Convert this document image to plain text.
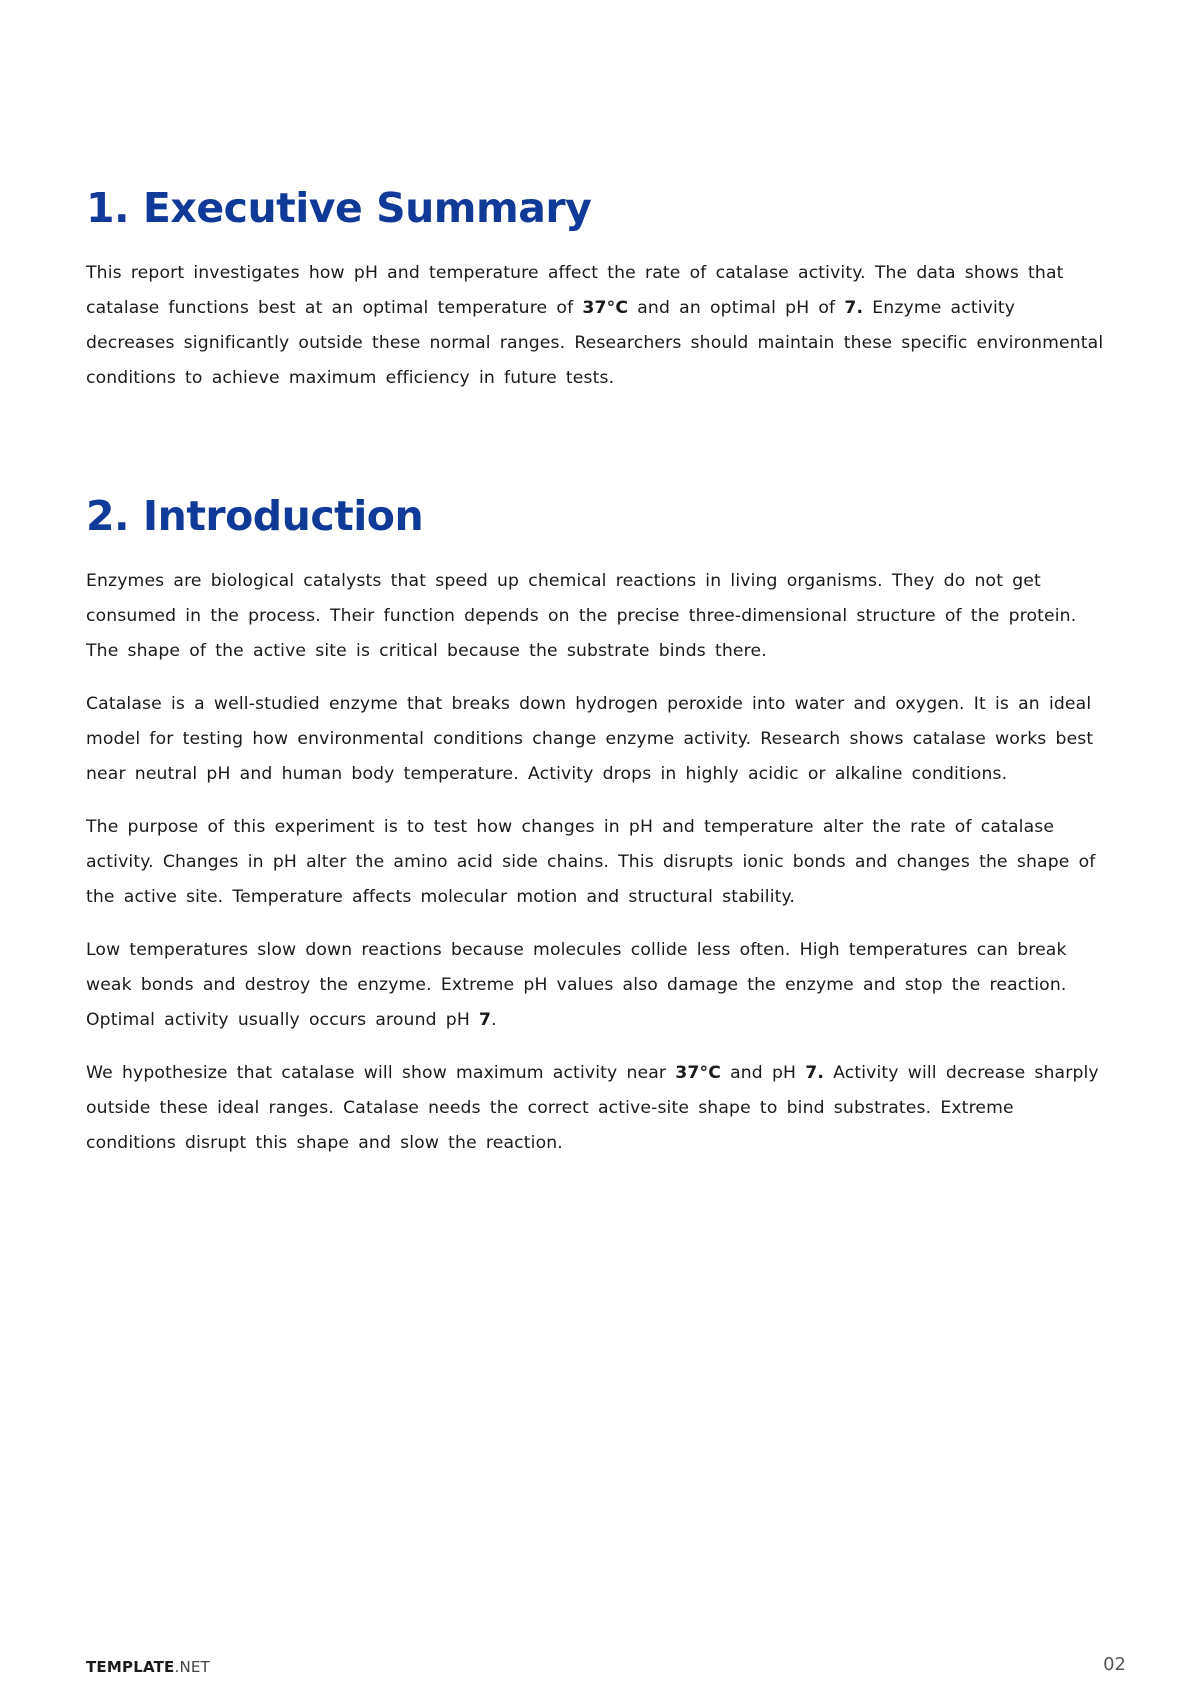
1. Executive Summary

This report investigates how pH and temperature affect the rate of catalase activity. The data shows that catalase functions best at an optimal temperature of 37°C and an optimal pH of 7. Enzyme activity decreases significantly outside these normal ranges. Researchers should maintain these specific environmental conditions to achieve maximum efficiency in future tests.

2. Introduction

Enzymes are biological catalysts that speed up chemical reactions in living organisms. They do not get consumed in the process. Their function depends on the precise three-dimensional structure of the protein. The shape of the active site is critical because the substrate binds there.

Catalase is a well-studied enzyme that breaks down hydrogen peroxide into water and oxygen. It is an ideal model for testing how environmental conditions change enzyme activity. Research shows catalase works best near neutral pH and human body temperature. Activity drops in highly acidic or alkaline conditions.

The purpose of this experiment is to test how changes in pH and temperature alter the rate of catalase activity. Changes in pH alter the amino acid side chains. This disrupts ionic bonds and changes the shape of the active site. Temperature affects molecular motion and structural stability.

Low temperatures slow down reactions because molecules collide less often. High temperatures can break weak bonds and destroy the enzyme. Extreme pH values also damage the enzyme and stop the reaction. Optimal activity usually occurs around pH 7.

We hypothesize that catalase will show maximum activity near 37°C and pH 7. Activity will decrease sharply outside these ideal ranges. Catalase needs the correct active-site shape to bind substrates. Extreme conditions disrupt this shape and slow the reaction.

TEMPLATE.NET	02
